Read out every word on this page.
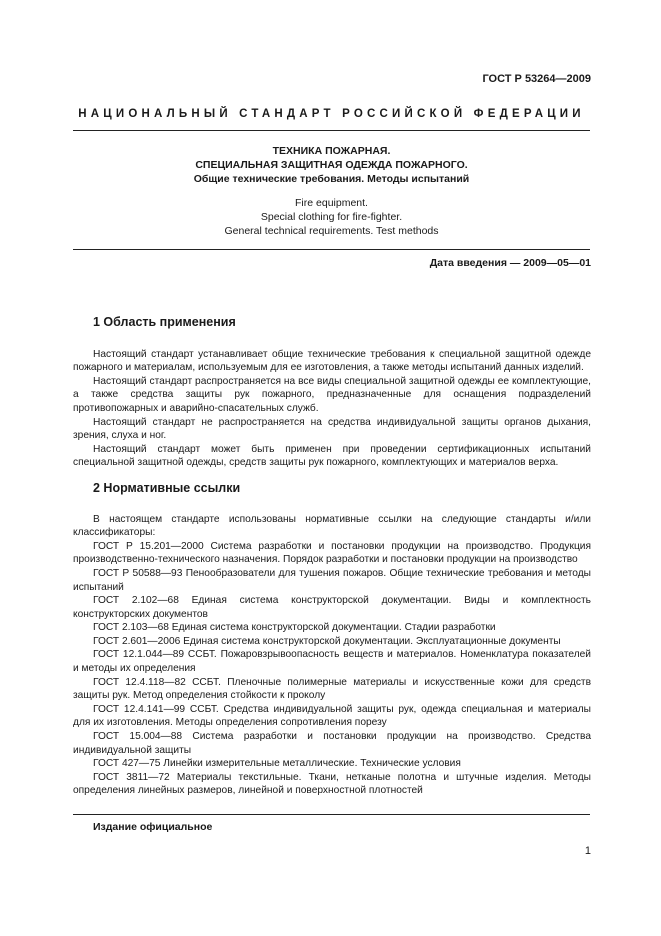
ГОСТ Р 53264—2009
НАЦИОНАЛЬНЫЙ СТАНДАРТ РОССИЙСКОЙ ФЕДЕРАЦИИ
ТЕХНИКА ПОЖАРНАЯ.
СПЕЦИАЛЬНАЯ ЗАЩИТНАЯ ОДЕЖДА ПОЖАРНОГО.
Общие технические требования. Методы испытаний
Fire equipment.
Special clothing for fire-fighter.
General technical requirements. Test methods
Дата введения — 2009—05—01
1 Область применения

Настоящий стандарт устанавливает общие технические требования к специальной защитной одежде пожарного и материалам, используемым для ее изготовления, а также методы испытаний данных изделий.

Настоящий стандарт распространяется на все виды специальной защитной одежды ее комплектующие, а также средства защиты рук пожарного, предназначенные для оснащения подразделений противопожарных и аварийно-спасательных служб.

Настоящий стандарт не распространяется на средства индивидуальной защиты органов дыхания, зрения, слуха и ног.

Настоящий стандарт может быть применен при проведении сертификационных испытаний специальной защитной одежды, средств защиты рук пожарного, комплектующих и материалов верха.

2 Нормативные ссылки

В настоящем стандарте использованы нормативные ссылки на следующие стандарты и/или классификаторы:

ГОСТ Р 15.201—2000 Система разработки и постановки продукции на производство. Продукция производственно-технического назначения. Порядок разработки и постановки продукции на производство

ГОСТ Р 50588—93 Пенообразователи для тушения пожаров. Общие технические требования и методы испытаний

ГОСТ 2.102—68 Единая система конструкторской документации. Виды и комплектность конструкторских документов

ГОСТ 2.103—68 Единая система конструкторской документации. Стадии разработки

ГОСТ 2.601—2006 Единая система конструкторской документации. Эксплуатационные документы

ГОСТ 12.1.044—89 ССБТ. Пожаровзрывоопасность веществ и материалов. Номенклатура показателей и методы их определения

ГОСТ 12.4.118—82 ССБТ. Пленочные полимерные материалы и искусственные кожи для средств защиты рук. Метод определения стойкости к проколу

ГОСТ 12.4.141—99 ССБТ. Средства индивидуальной защиты рук, одежда специальная и материалы для их изготовления. Методы определения сопротивления порезу

ГОСТ 15.004—88 Система разработки и постановки продукции на производство. Средства индивидуальной защиты

ГОСТ 427—75 Линейки измерительные металлические. Технические условия

ГОСТ 3811—72 Материалы текстильные. Ткани, нетканые полотна и штучные изделия. Методы определения линейных размеров, линейной и поверхностной плотностей

Издание официальное
1
